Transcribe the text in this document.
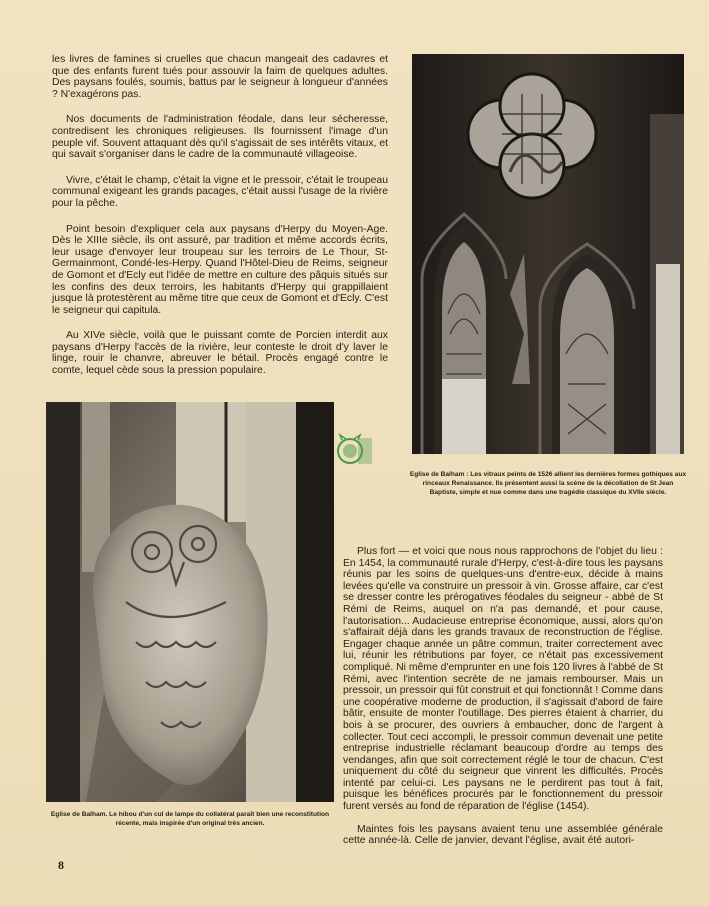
les livres de famines si cruelles que chacun mangeait des cadavres et que des enfants furent tués pour assouvir la faim de quelques adultes. Des paysans foulés, soumis, battus par le seigneur à longueur d'années ? N'exagérons pas.

Nos documents de l'administration féodale, dans leur sécheresse, contredisent les chroniques religieuses. Ils fournissent l'image d'un peuple vif. Souvent attaquant dès qu'il s'agissait de ses intérêts vitaux, et qui savait s'organiser dans le cadre de la communauté villageoise.

Vivre, c'était le champ, c'était la vigne et le pressoir, c'était le troupeau communal exigeant les grands pacages, c'était aussi l'usage de la rivière pour la pêche.

Point besoin d'expliquer cela aux paysans d'Herpy du Moyen-Age. Dès le XIIIe siècle, ils ont assuré, par tradition et même accords écrits, leur usage d'envoyer leur troupeau sur les terroirs de Le Thour, St-Germainmont, Condé-les-Herpy. Quand l'Hôtel-Dieu de Reims, seigneur de Gomont et d'Ecly eut l'idée de mettre en culture des pâquis situés sur les confins des deux terroirs, les habitants d'Herpy qui grappillaient jusque là protestèrent au même titre que ceux de Gomont et d'Ecly. C'est le seigneur qui capitula.

Au XIVe siècle, voilà que le puissant comte de Porcien interdit aux paysans d'Herpy l'accès de la rivière, leur conteste le droit d'y laver le linge, rouir le chanvre, abreuver le bétail. Procès engagé contre le comte, lequel cède sous la pression populaire.

Eglise de Balham : Les vitraux peints de 1526 allient les dernières formes gothiques aux rinceaux Renaissance. Ils présentent aussi la scène de la décollation de St Jean Baptiste, simple et nue comme dans une tragédie classique du XVIIe siècle.
Eglise de Balham. Le hibou d'un cul de lampe du collatéral paraît bien une reconstitution récente, mais inspirée d'un original très ancien.

Plus fort — et voici que nous nous rapprochons de l'objet du lieu : En 1454, la communauté rurale d'Herpy, c'est-à-dire tous les paysans réunis par les soins de quelques-uns d'entre-eux, décide à mains levées qu'elle va construire un pressoir à vin. Grosse affaire, car c'est se dresser contre les prérogatives féodales du seigneur - abbé de St Rémi de Reims, auquel on n'a pas demandé, et pour cause, l'autorisation... Audacieuse entreprise économique, aussi, alors qu'on s'affairait déjà dans les grands travaux de reconstruction de l'église. Engager chaque année un pâtre commun, traiter correctement avec lui, réunir les rétributions par foyer, ce n'était pas excessivement compliqué. Ni même d'emprunter en une fois 120 livres à l'abbé de St Rémi, avec l'intention secrète de ne jamais rembourser. Mais un pressoir, un pressoir qui fût construit et qui fonctionnât ! Comme dans une coopérative moderne de production, il s'agissait d'abord de faire bâtir, ensuite de monter l'outillage. Des pierres étaient à charrier, du bois à se procurer, des ouvriers à embaucher, donc de l'argent à collecter. Tout ceci accompli, le pressoir commun devenait une petite entreprise industrielle réclamant beaucoup d'ordre au temps des vendanges, afin que soit correctement réglé le tour de chacun. C'est uniquement du côté du seigneur que vinrent les difficultés. Procès intenté par celui-ci. Les paysans ne le perdirent pas tout à fait, puisque les bénéfices procurés par le fonctionnement du pressoir furent versés au fond de réparation de l'église (1454).

Maintes fois les paysans avaient tenu une assemblée générale cette année-là. Celle de janvier, devant l'église, avait été autori-

8
